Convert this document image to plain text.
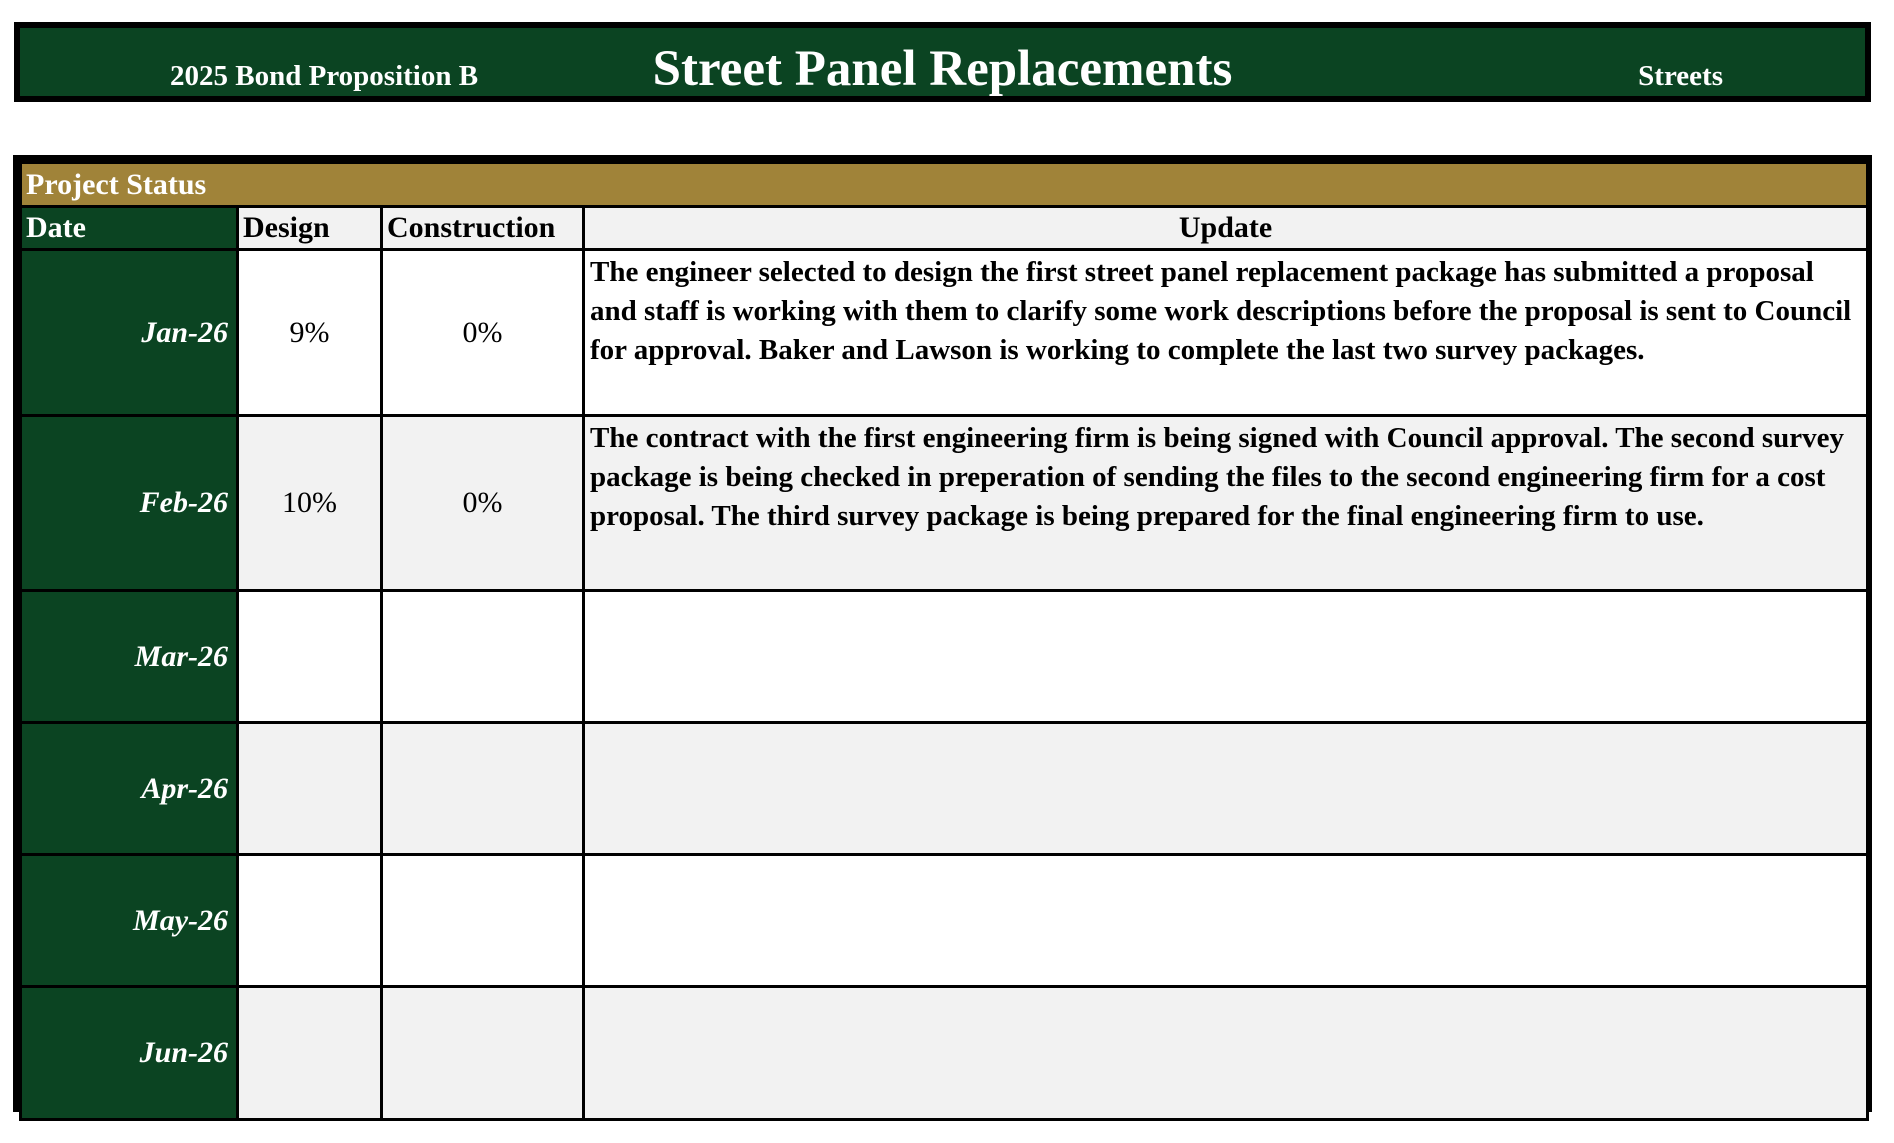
2025 Bond Proposition B	Street Panel Replacements	Streets
Project Status			
Date	Design	Construction	Update
Jan-26	9%	0%	The engineer selected to design the first street panel replacement package has submitted a proposal and staff is working with them to clarify some work descriptions before the proposal is sent to Council for approval. Baker and Lawson is working to complete the last two survey packages.
Feb-26	10%	0%	The contract with the first engineering firm is being signed with Council approval. The second survey package is being checked in preperation of sending the files to the second engineering firm for a cost proposal. The third survey package is being prepared for the final engineering firm to use.
Mar-26			
Apr-26			
May-26			
Jun-26			
